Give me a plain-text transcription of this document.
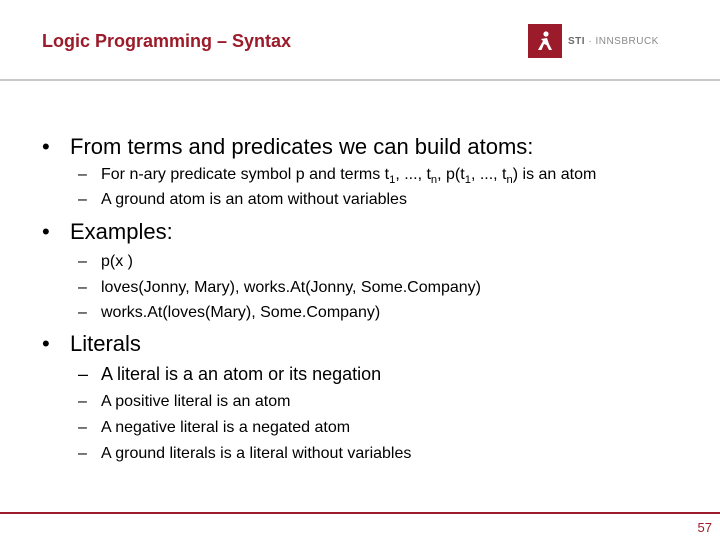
Logic Programming – Syntax	STI · INNSBRUCK
• From terms and predicates we can build atoms:
– For n-ary predicate symbol p and terms $t_1$, ..., $t_n$, $p(t_1$, ..., $t_n$) is an atom
– A ground atom is an atom without variables
• Examples:
– p(x )
– loves(Jonny, Mary), works.At(Jonny, Some.Company)
– works.At(loves(Mary), Some.Company)
• Literals
– A literal is a an atom or its negation
– A positive literal is an atom
– A negative literal is a negated atom
– A ground literals is a literal without variables
57
